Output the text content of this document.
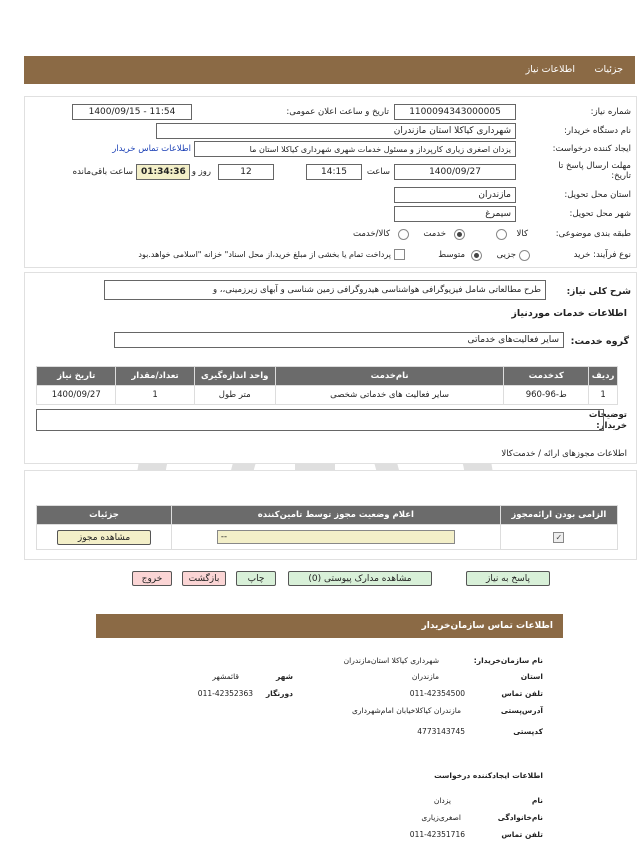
جزئیات
اطلاعات نیاز
شماره نیاز:
1100094343000005
تاریخ و ساعت اعلان عمومی:
1400/09/15 - 11:54
نام دستگاه خریدار:
شهرداری کیاکلا استان مازندران
ایجاد کننده درخواست:
یزدان اصغری زیاری کارپرداز و مسئول خدمات شهری شهرداری کیاکلا استان ما
اطلاعات تماس خریدار
مهلت ارسال پاسخ تا تاریخ:
1400/09/27
ساعت
14:15
12
روز و
01:34:36
ساعت باقی‌مانده
استان محل تحویل:
مازندران
شهر محل تحویل:
سیمرغ
طبقه بندی موضوعی:
کالا
خدمت
کالا/خدمت
نوع فرآیند: خرید
جزیی
متوسط
پرداخت تمام یا بخشی از مبلغ خرید،از محل اسناد" خزانه "اسلامی خواهد.بود
شرح کلی نیاز:
طرح مطالعاتی شامل فیزیوگرافی هواشناسی هیدروگرافی زمین شناسی و آبهای زیرزمینی،، و
اطلاعات خدمات مورد‌نیاز
گروه خدمت:
سایر فعالیت‌های خدماتی
تاریخ نیاز	تعداد/مقدار	واحد اندازه‌گیری	نام‌خدمت	کدخدمت	ردیف
1400/09/27	1	متر طول	سایر فعالیت های خدماتی شخصی	ط-96-960	1
توضیحات خریدار:
اطلاعات مجوزهای ارائه / خدمت‌کالا
جزئیات	اعلام وضعیت مجوز توسط تامین‌کننده	الزامی بودن ارائه‌مجوز

مشاهده مجوز	--	✓
پاسخ به نیاز
مشاهده مدارک پیوستی (0)
چاپ
بازگشت
خروج
اطلاعات تماس سازمان‌خریدار
نام سازمان‌خریدار:
شهرداری کیاکلا استان‌مازندران
استان
مازندران
شهر
قائمشهر
تلفن تماس
011-42354500
دورنگار
011-42352363
آدرس‌پستی
مازندران کیاکلاخیابان امام‌شهرداری
کد‌پستی
4773143745
اطلاعات ایجادکننده درخواست
نام
یزدان
نام‌خانوادگی
اصغری‌زیاری
تلفن تماس
011-42351716
